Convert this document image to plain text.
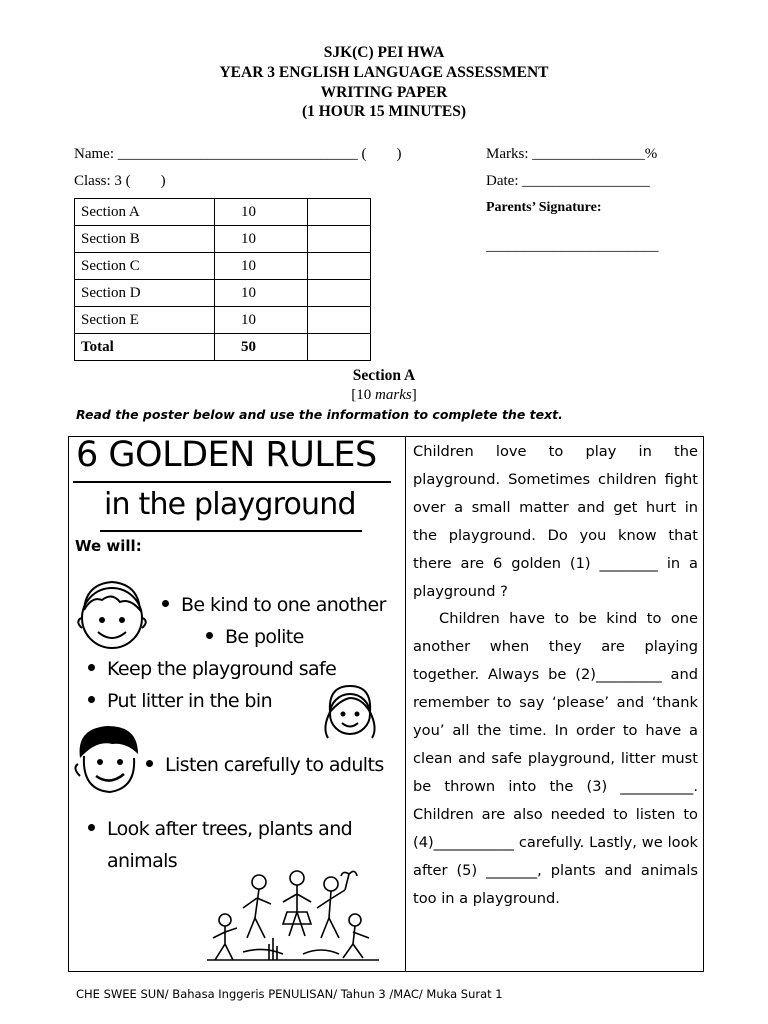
SJK(C) PEI HWA
YEAR 3 ENGLISH LANGUAGE ASSESSMENT
WRITING PAPER
(1 HOUR 15 MINUTES)
Name: ________________________________ (        )
Class: 3 (        )
Marks: _______________%
Date: _________________
Parents’ Signature:
_______________________
Section A	10	
Section B	10	
Section C	10	
Section D	10	
Section E	10	
Total	50	
Section A
[10 marks]
Read the poster below and use the information to complete the text.
6 GOLDEN RULES
in the playground
We will:
Be kind to one another
Be polite
Keep the playground safe
Put litter in the bin
Listen carefully to adults
Look after trees, plants and
animals

Children love to play in the playground. Sometimes children fight over a small matter and get hurt in the playground. Do you know that there are 6 golden (1) ________ in a playground ?

Children have to be kind to one another when they are playing together. Always be (2)_________ and remember to say ‘please’ and ‘thank you’ all the time. In order to have a clean and safe playground, litter must be thrown into the (3) __________. Children are also needed to listen to (4)___________ carefully. Lastly, we look after (5) _______, plants and animals too in a playground.

CHE SWEE SUN/ Bahasa Inggeris PENULISAN/ Tahun 3 /MAC/ Muka Surat 1
